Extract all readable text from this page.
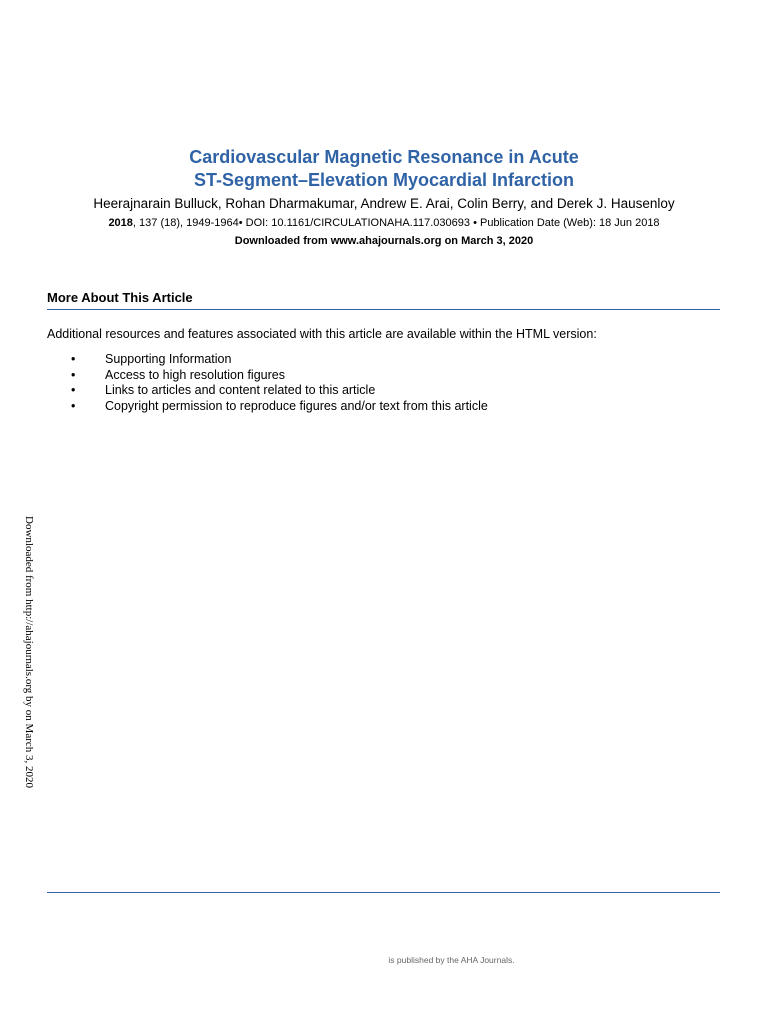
Cardiovascular Magnetic Resonance in Acute
ST-Segment–Elevation Myocardial Infarction
Heerajnarain Bulluck, Rohan Dharmakumar, Andrew E. Arai, Colin Berry, and Derek J. Hausenloy
2018, 137 (18), 1949-1964• DOI: 10.1161/CIRCULATIONAHA.117.030693 • Publication Date (Web): 18 Jun 2018
Downloaded from www.ahajournals.org on March 3, 2020
More About This Article
Additional resources and features associated with this article are available within the HTML version:
• Supporting Information
• Access to high resolution figures
• Links to articles and content related to this article
• Copyright permission to reproduce figures and/or text from this article
Downloaded from http://ahajournals.org by on March 3, 2020
is published by the AHA Journals.
